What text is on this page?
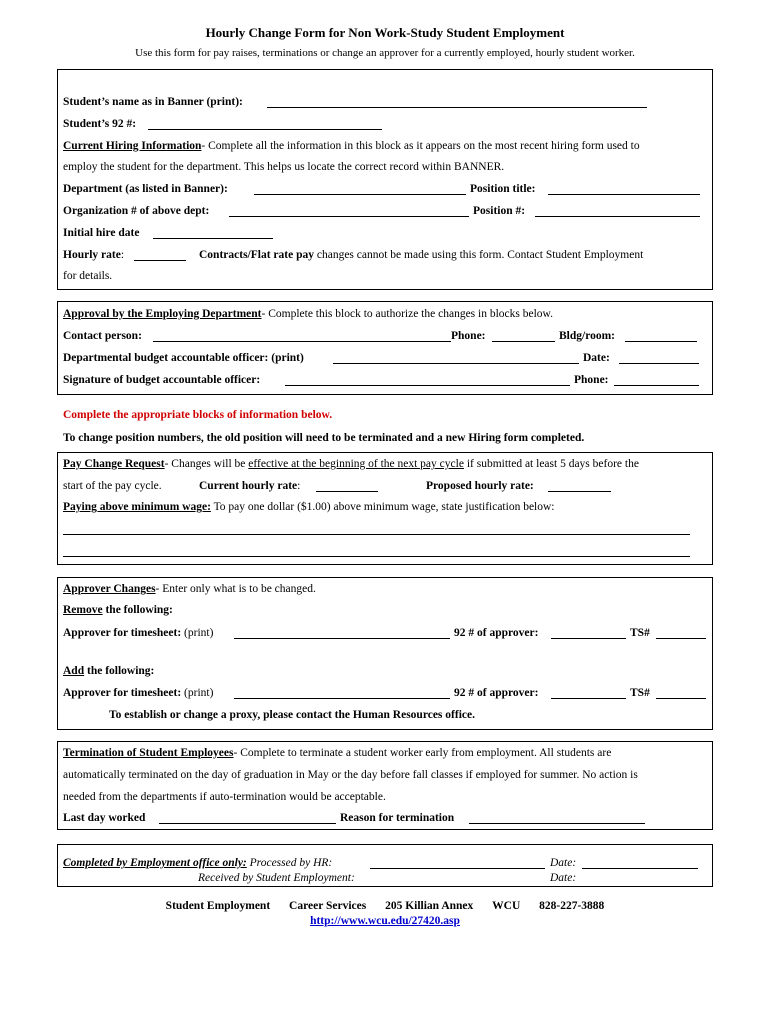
Hourly Change Form for Non Work-Study Student Employment
Use this form for pay raises, terminations or change an approver for a currently employed, hourly student worker.
Student’s name as in Banner (print):
Student’s 92 #:
Current Hiring Information- Complete all the information in this block as it appears on the most recent hiring form used to
employ the student for the department. This helps us locate the correct record within BANNER.
Department (as listed in Banner):	Position title:
Organization # of above dept:	Position #:
Initial hire date
Hourly rate:	Contracts/Flat rate pay changes cannot be made using this form. Contact Student Employment
for details.
Approval by the Employing Department- Complete this block to authorize the changes in blocks below.
Contact person:	Phone:	Bldg/room:
Departmental budget accountable officer: (print)	Date:
Signature of budget accountable officer:	Phone:
Complete the appropriate blocks of information below.
To change position numbers, the old position will need to be terminated and a new Hiring form completed.
Pay Change Request- Changes will be effective at the beginning of the next pay cycle if submitted at least 5 days before the
start of the pay cycle.	Current hourly rate:	Proposed hourly rate:
Paying above minimum wage: To pay one dollar ($1.00) above minimum wage, state justification below:
Approver Changes- Enter only what is to be changed.
Remove the following:
Approver for timesheet: (print)	92 # of approver:	TS#
Add the following:
Approver for timesheet: (print)	92 # of approver:	TS#
To establish or change a proxy, please contact the Human Resources office.
Termination of Student Employees- Complete to terminate a student worker early from employment. All students are
automatically terminated on the day of graduation in May or the day before fall classes if employed for summer. No action is
needed from the departments if auto-termination would be acceptable.
Last day worked	Reason for termination
Completed by Employment office only: Processed by HR:	Date:
Received by Student Employment:	Date:
Student Employment Career Services 205 Killian Annex WCU 828-227-3888
http://www.wcu.edu/27420.asp
